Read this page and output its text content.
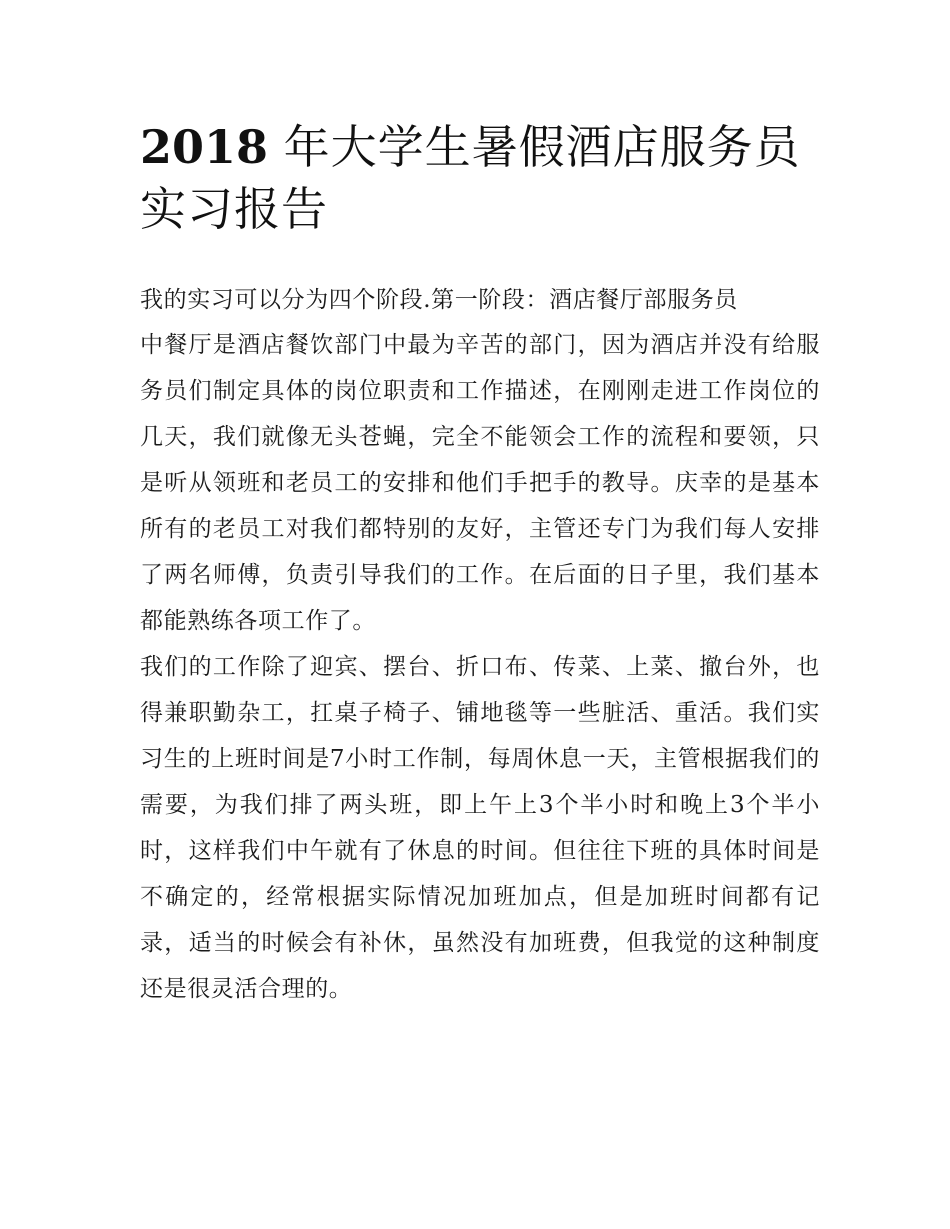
2018 年大学生暑假酒店服务员实习报告

我的实习可以分为四个阶段.第一阶段：酒店餐厅部服务员

中餐厅是酒店餐饮部门中最为辛苦的部门，因为酒店并没有给服务员们制定具体的岗位职责和工作描述，在刚刚走进工作岗位的几天，我们就像无头苍蝇，完全不能领会工作的流程和要领，只是听从领班和老员工的安排和他们手把手的教导。庆幸的是基本所有的老员工对我们都特别的友好，主管还专门为我们每人安排了两名师傅，负责引导我们的工作。在后面的日子里，我们基本都能熟练各项工作了。

我们的工作除了迎宾、摆台、折口布、传菜、上菜、撤台外，也得兼职勤杂工，扛桌子椅子、铺地毯等一些脏活、重活。我们实习生的上班时间是7小时工作制，每周休息一天，主管根据我们的需要，为我们排了两头班，即上午上3个半小时和晚上3个半小时，这样我们中午就有了休息的时间。但往往下班的具体时间是不确定的，经常根据实际情况加班加点，但是加班时间都有记录，适当的时候会有补休，虽然没有加班费，但我觉的这种制度还是很灵活合理的。
